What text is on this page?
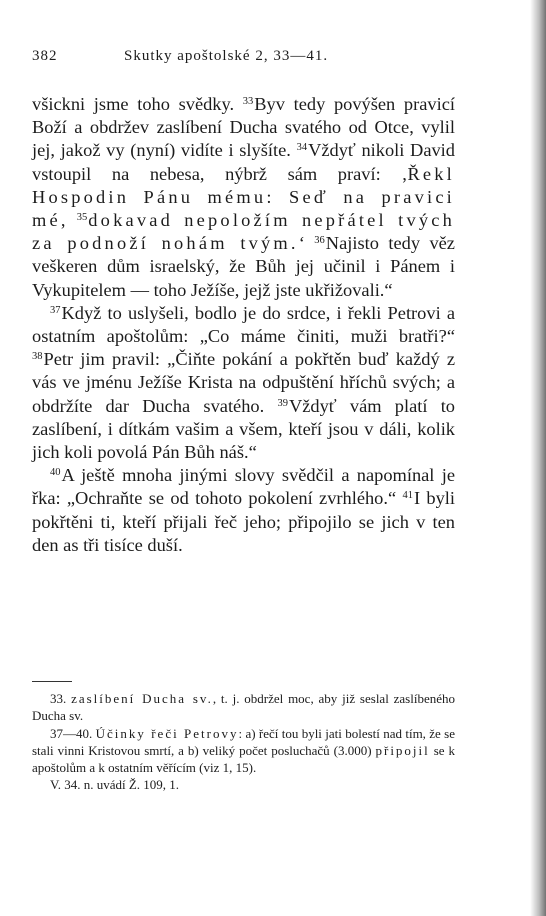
382	Skutky apoštolské 2, 33—41.

všickni jsme toho svědky. $^{33}$Byv tedy povýšen pravicí Boží a obdržev zaslíbení Ducha svatého od Otce, vylil jej, jakož vy (nyní) vidíte i slyšíte. $^{34}$Vždyť nikoli David vstoupil na nebesa, nýbrž sám praví: ‚Řekl Hospodin Pánu mému: Seď na pravici mé, $^{35}$dokavad nepoložím nepřátel tvých za podnoží nohám tvým.‘ $^{36}$Najisto tedy věz veškeren dům israelský, že Bůh jej učinil i Pánem i Vykupitelem — toho Ježíše, jejž jste ukřižovali.“

$^{37}$Když to uslyšeli, bodlo je do srdce, i řekli Petrovi a ostatním apoštolům: „Co máme činiti, muži bratři?“ $^{38}$Petr jim pravil: „Čiňte pokání a pokřtěn buď každý z vás ve jménu Ježíše Krista na odpuštění hříchů svých; a obdržíte dar Ducha svatého. $^{39}$Vždyť vám platí to zaslíbení, i dítkám vašim a všem, kteří jsou v dáli, kolik jich koli povolá Pán Bůh náš.“

$^{40}$A ještě mnoha jinými slovy svědčil a napomínal je řka: „Ochraňte se od tohoto pokolení zvrhlého.“ $^{41}$I byli pokřtěni ti, kteří přijali řeč jeho; připojilo se jich v ten den as tři tisíce duší.

33. zaslíbení Ducha sv., t. j. obdržel moc, aby již seslal zaslíbeného Ducha sv.

37—40. Účinky řeči Petrovy: a) řečí tou byli jati bolestí nad tím, že se stali vinni Kristovou smrtí, a b) veliký počet posluchačů (3.000) připojil se k apoštolům a k ostatním věřícím (viz 1, 15).

V. 34. n. uvádí Ž. 109, 1.
